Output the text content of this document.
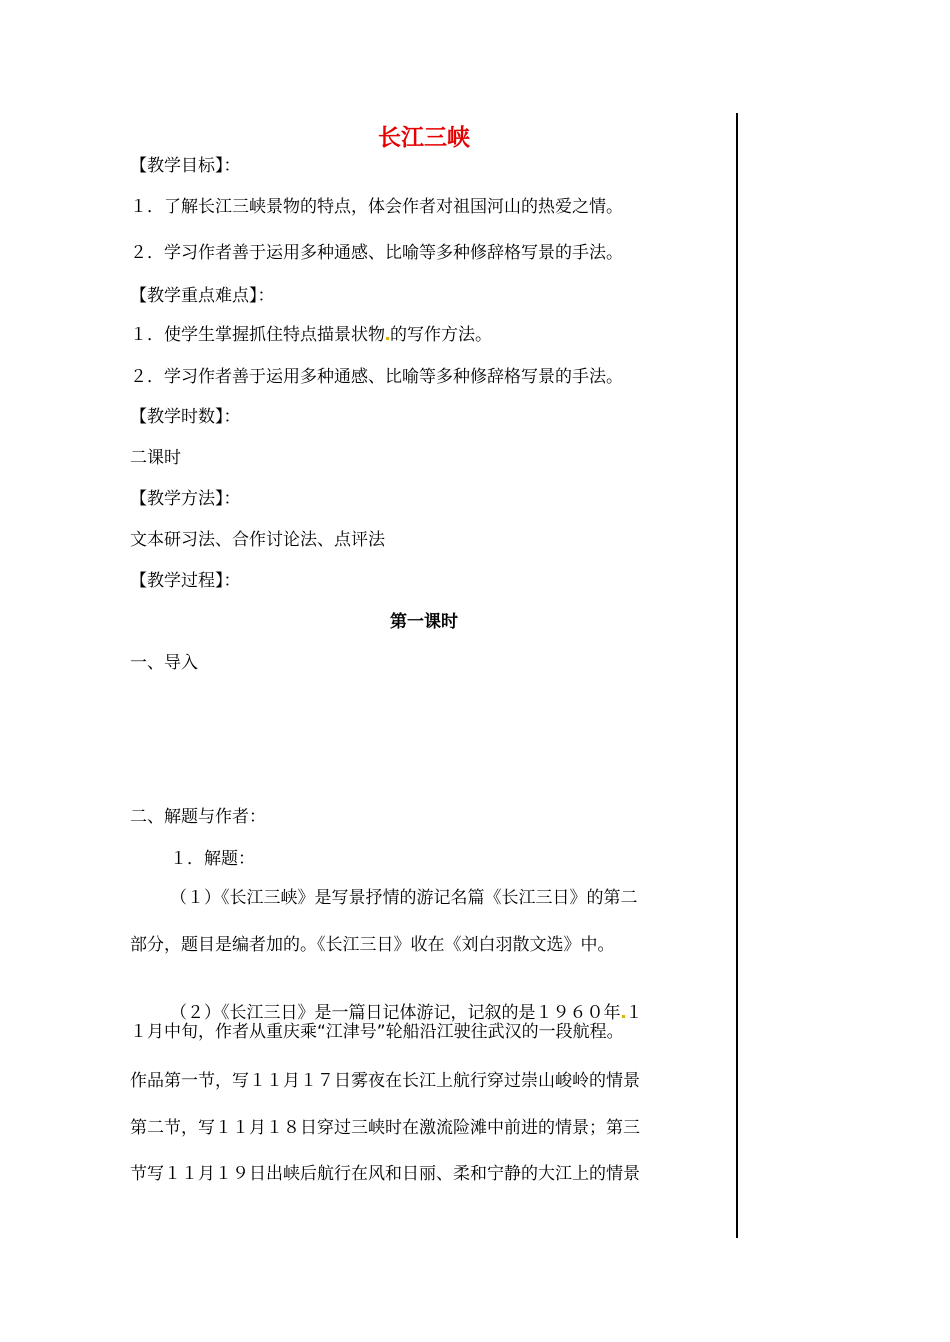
长江三峡
【教学目标】：
１．了解长江三峡景物的特点，体会作者对祖国河山的热爱之情。
２．学习作者善于运用多种通感、比喻等多种修辞格写景的手法。
【教学重点难点】：
１．使学生掌握抓住特点描景状物 的写作方法。
２．学习作者善于运用多种通感、比喻等多种修辞格写景的手法。
【教学时数】：
二课时
【教学方法】：
文本研习法、合作讨论法、点评法
【教学过程】：
第一课时
一、导入
二、解题与作者：
１．解题：
（１）《长江三峡》是写景抒情的游记名篇《长江三日》的第二
部分，题目是编者加的。《长江三日》收在《刘白羽散文选》中。
（２）《长江三日》是一篇日记体游记，记叙的是１９６０年 １
１月中旬，作者从重庆乘“江津号”轮船沿江驶往武汉的一段航程。
作品第一节，写１１月１７日雾夜在长江上航行穿过崇山峻岭的情景
第二节，写１１月１８日穿过三峡时在激流险滩中前进的情景；第三
节写１１月１９日出峡后航行在风和日丽、柔和宁静的大江上的情景
